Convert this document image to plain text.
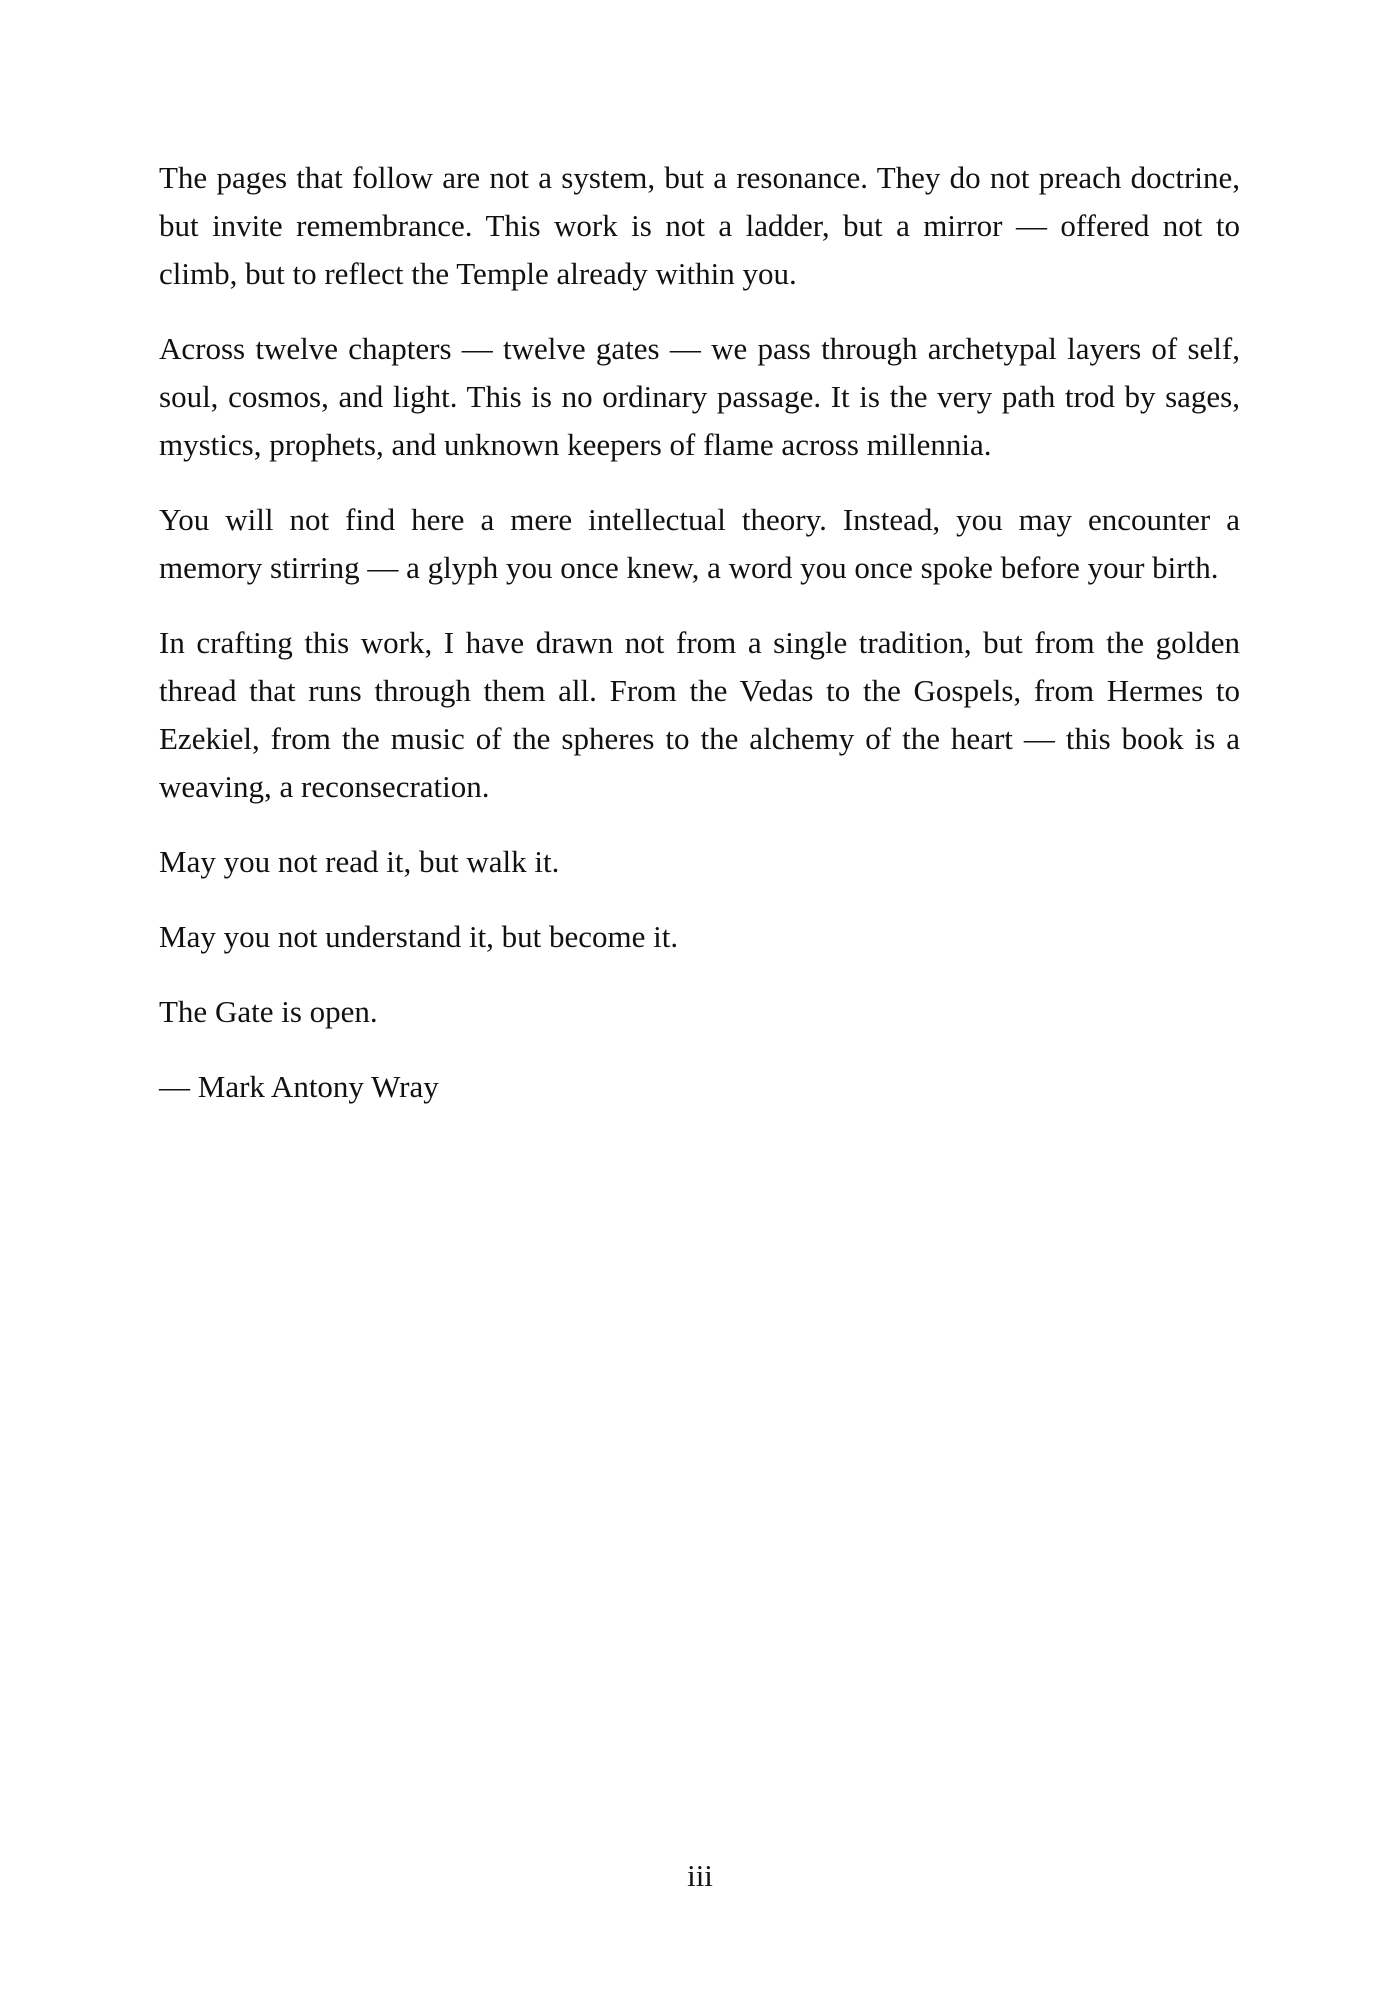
The pages that follow are not a system, but a resonance. They do not preach doctrine, but invite remembrance. This work is not a ladder, but a mirror — offered not to climb, but to reflect the Temple already within you.

Across twelve chapters — twelve gates — we pass through archetypal layers of self, soul, cosmos, and light. This is no ordinary passage. It is the very path trod by sages, mystics, prophets, and unknown keepers of flame across millennia.

You will not find here a mere intellectual theory. Instead, you may encounter a memory stirring — a glyph you once knew, a word you once spoke before your birth.

In crafting this work, I have drawn not from a single tradition, but from the golden thread that runs through them all. From the Vedas to the Gospels, from Hermes to Ezekiel, from the music of the spheres to the alchemy of the heart — this book is a weaving, a reconsecration.

May you not read it, but walk it.

May you not understand it, but become it.

The Gate is open.

— Mark Antony Wray

iii
